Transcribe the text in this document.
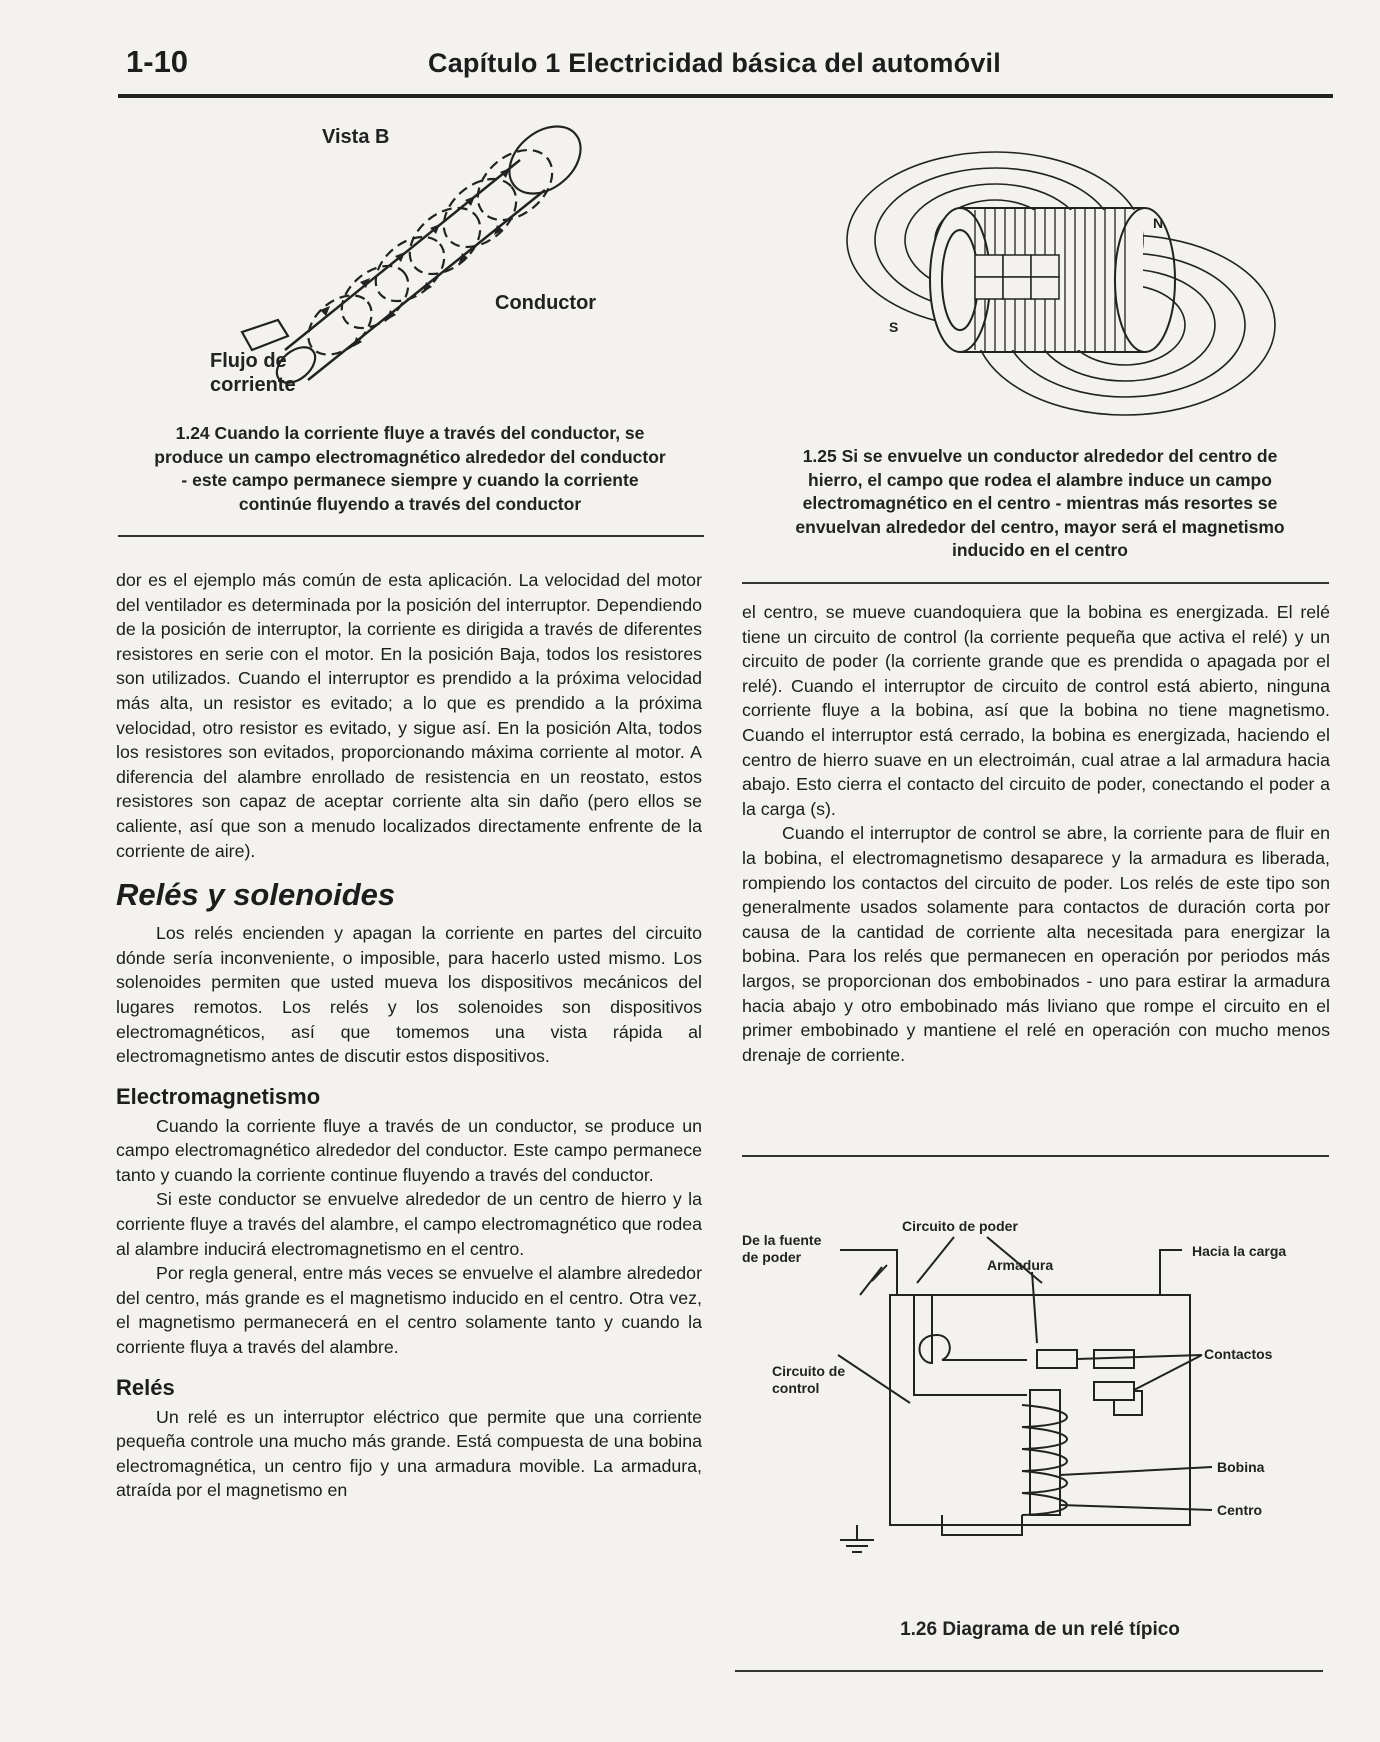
1-10	Capítulo 1 Electricidad básica del automóvil
Vista B
Conductor
Flujo de
corriente
1.24 Cuando la corriente fluye a través del conductor, se
produce un campo electromagnético alrededor del conductor
- este campo permanece siempre y cuando la corriente
continúe fluyendo a través del conductor
N
S
1.25 Si se envuelve un conductor alrededor del centro de
hierro, el campo que rodea el alambre induce un campo
electromagnético en el centro - mientras más resortes se
envuelvan alrededor del centro, mayor será el magnetismo
inducido en el centro

dor es el ejemplo más común de esta aplicación. La velocidad del motor del ventilador es determinada por la posición del interruptor. Dependiendo de la posición de interruptor, la corriente es dirigida a través de diferentes resistores en serie con el motor. En la posición Baja, todos los resistores son utilizados. Cuando el interruptor es prendido a la próxima velocidad más alta, un resistor es evitado; a lo que es prendido a la próxima velocidad, otro resistor es evitado, y sigue así. En la posición Alta, todos los resistores son evitados, proporcionando máxima corriente al motor. A diferencia del alambre enrollado de resistencia en un reostato, estos resistores son capaz de aceptar corriente alta sin daño (pero ellos se caliente, así que son a menudo localizados directamente enfrente de la corriente de aire).

Relés y solenoides

Los relés encienden y apagan la corriente en partes del circuito dónde sería inconveniente, o imposible, para hacerlo usted mismo. Los solenoides permiten que usted mueva los dispositivos mecánicos del lugares remotos. Los relés y los solenoides son dispositivos electromagnéticos, así que tomemos una vista rápida al electromagnetismo antes de discutir estos dispositivos.

Electromagnetismo

Cuando la corriente fluye a través de un conductor, se produce un campo electromagnético alrededor del conductor. Este campo permanece tanto y cuando la corriente continue fluyendo a través del conductor.

Si este conductor se envuelve alrededor de un centro de hierro y la corriente fluye a través del alambre, el campo electromagnético que rodea al alambre inducirá electromagnetismo en el centro.

Por regla general, entre más veces se envuelve el alambre alrededor del centro, más grande es el magnetismo inducido en el centro. Otra vez, el magnetismo permanecerá en el centro solamente tanto y cuando la corriente fluya a través del alambre.

Relés

Un relé es un interruptor eléctrico que permite que una corriente pequeña controle una mucho más grande. Está compuesta de una bobina electromagnética, un centro fijo y una armadura movible. La armadura, atraída por el magnetismo en

el centro, se mueve cuandoquiera que la bobina es energizada. El relé tiene un circuito de control (la corriente pequeña que activa el relé) y un circuito de poder (la corriente grande que es prendida o apagada por el relé). Cuando el interruptor de circuito de control está abierto, ninguna corriente fluye a la bobina, así que la bobina no tiene magnetismo. Cuando el interruptor está cerrado, la bobina es energizada, haciendo el centro de hierro suave en un electroimán, cual atrae a lal armadura hacia abajo. Esto cierra el contacto del circuito de poder, conectando el poder a la carga (s).

Cuando el interruptor de control se abre, la corriente para de fluir en la bobina, el electromagnetismo desaparece y la armadura es liberada, rompiendo los contactos del circuito de poder. Los relés de este tipo son generalmente usados solamente para contactos de duración corta por causa de la cantidad de corriente alta necesitada para energizar la bobina. Para los relés que permanecen en operación por periodos más largos, se proporcionan dos embobinados - uno para estirar la armadura hacia abajo y otro embobinado más liviano que rompe el circuito en el primer embobinado y mantiene el relé en operación con mucho menos drenaje de corriente.

Circuito de poder
De la fuente
de poder	Hacia la carga
Armadura
Contactos
Circuito de
control
Bobina
Centro
1.26 Diagrama de un relé típico
